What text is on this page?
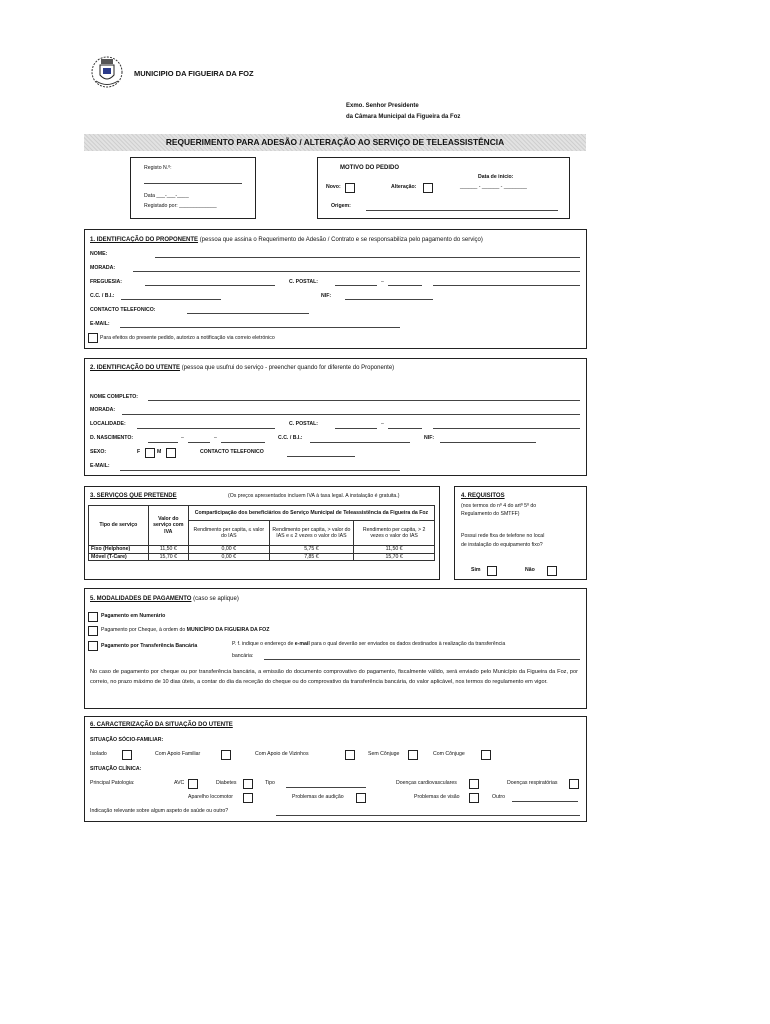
MUNICIPIO DA FIGUEIRA DA FOZ
Exmo. Senhor Presidente
da Câmara Municipal da Figueira da Foz
REQUERIMENTO PARA ADESÃO / ALTERAÇÃO AO SERVIÇO DE TELEASSISTÊNCIA
Registo N.º:
Data ___-___-____
Registado por: _____________
MOTIVO DO PEDIDO
Data de inicio:
Novo:	Alteração:	______ - ______ - ________
Origem:
1. IDENTIFICAÇÃO DO PROPONENTE (pessoa que assina o Requerimento de Adesão / Contrato e se responsabiliza pelo pagamento do serviço)
NOME:
MORADA:
FREGUESIA:	C. POSTAL:	–
C.C. / B.I.:	NIF:
CONTACTO TELEFONICO:
E-MAIL:
Para efeitos do presente pedido, autorizo a notificação via correio eletrónico
2. IDENTIFICAÇÃO DO UTENTE (pessoa que usufrui do serviço - preencher quando for diferente do Proponente)
NOME COMPLETO:
MORADA:
LOCALIDADE:	C. POSTAL:	–
D. NASCIMENTO:	–	–	C.C. / B.I.:	NIF:
SEXO:	F	M	CONTACTO TELEFONICO
E-MAIL:
3. SERVIÇOS QUE PRETENDE	(Os preços apresentados incluem IVA à taxa legal. A instalação é gratuita.)
Tipo de serviço	Valor do serviço com IVA	Comparticipação dos beneficiários do Serviço Municipal de Teleassistência da Figueira da Foz		
		Rendimento per capita, ≤ valor do IAS	Rendimento per capita, > valor do IAS e ≤ 2 vezes o valor do IAS	Rendimento per capita, > 2 vezes o valor do IAS
Fixo (Helphone)	11,50 €	0,00 €	5,75 €	11,50 €
Móvel (T-Care)	15,70 €	0,00 €	7,85 €	15,70 €
4. REQUISITOS
(nos termos do nº 4 do artº 5º do
Regulamento do SMTFF)
Possui rede fixa de telefone no local
de instalação do equipamento fixo?
Sim	Não
5. MODALIDADES DE PAGAMENTO (caso se aplique)
Pagamento em Numerário
Pagamento por Cheque, à ordem do MUNICÍPIO DA FIGUEIRA DA FOZ
Pagamento por Transferência Bancária	P. f. indique o endereço de e-mail para o qual deverão ser enviados os dados destinados à realização da transferência
bancária:
No caso de pagamento por cheque ou por transferência bancária, a emissão do documento comprovativo do pagamento, fiscalmente válido, será enviado pelo Município da Figueira da Foz, por correio, no prazo máximo de 10 dias úteis, a contar do dia da receção do cheque ou do comprovativo da transferência bancária, do valor aplicável, nos termos do regulamento em vigor.
6. CARACTERIZAÇÃO DA SITUAÇÃO DO UTENTE
SITUAÇÃO SÓCIO-FAMILIAR:
Isolado	Com Apoio Familiar	Com Apoio de Vizinhos	Sem Cônjuge	Com Cônjuge
SITUAÇÃO CLÍNICA:
Principal Patologia:	AVC	Diabetes	Tipo	Doenças cardiovasculares	Doenças respiratórias
Aparelho locomotor	Problemas de audição	Problemas de visão	Outro
Indicação relevante sobre algum aspeto de saúde ou outro?
